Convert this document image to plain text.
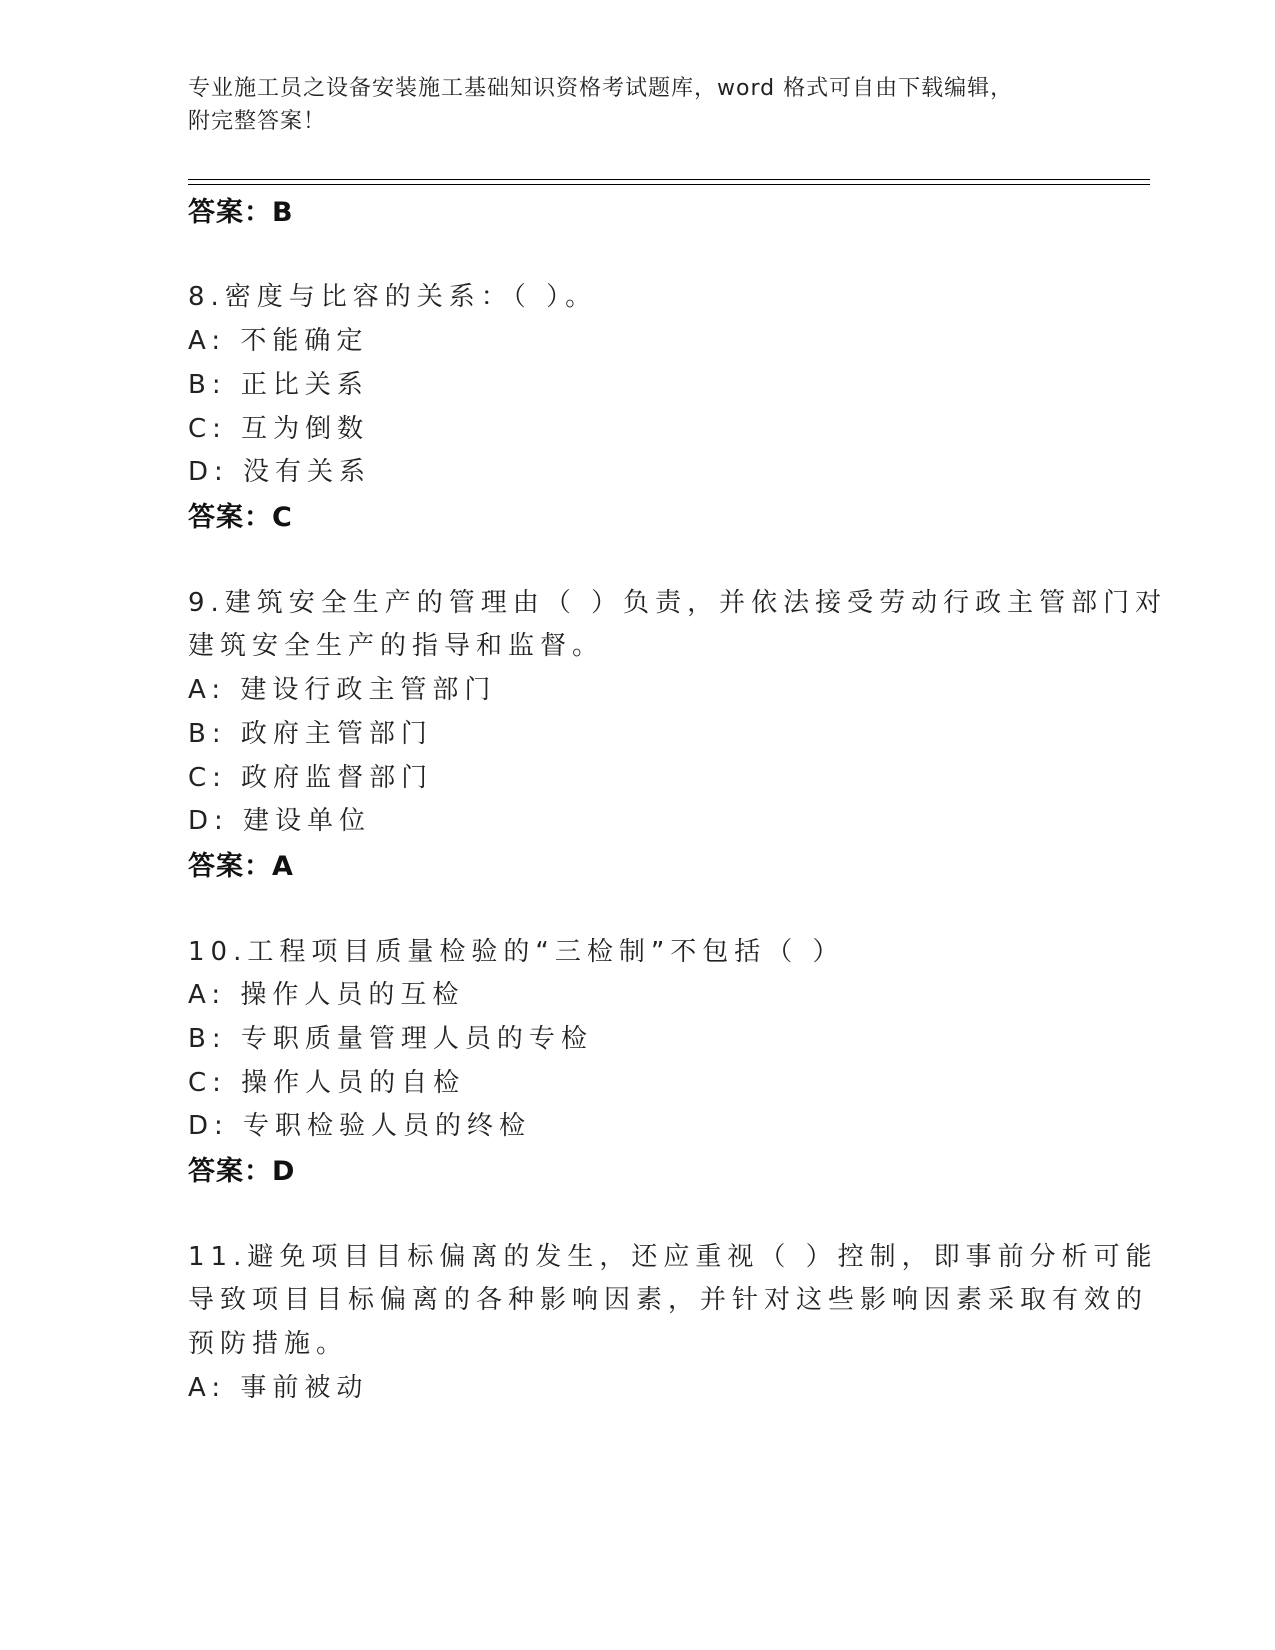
专业施工员之设备安装施工基础知识资格考试题库，word 格式可自由下载编辑，
附完整答案！
答案：B
8.密度与比容的关系：（ ）。
A: 不能确定
B: 正比关系
C: 互为倒数
D: 没有关系
答案：C
9.建筑安全生产的管理由（ ）负责，并依法接受劳动行政主管部门对
建筑安全生产的指导和监督。
A: 建设行政主管部门
B: 政府主管部门
C: 政府监督部门
D: 建设单位
答案：A
10.工程项目质量检验的“三检制”不包括（ ）
A: 操作人员的互检
B: 专职质量管理人员的专检
C: 操作人员的自检
D: 专职检验人员的终检
答案：D
11.避免项目目标偏离的发生，还应重视（ ）控制，即事前分析可能
导致项目目标偏离的各种影响因素，并针对这些影响因素采取有效的
预防措施。
A: 事前被动
